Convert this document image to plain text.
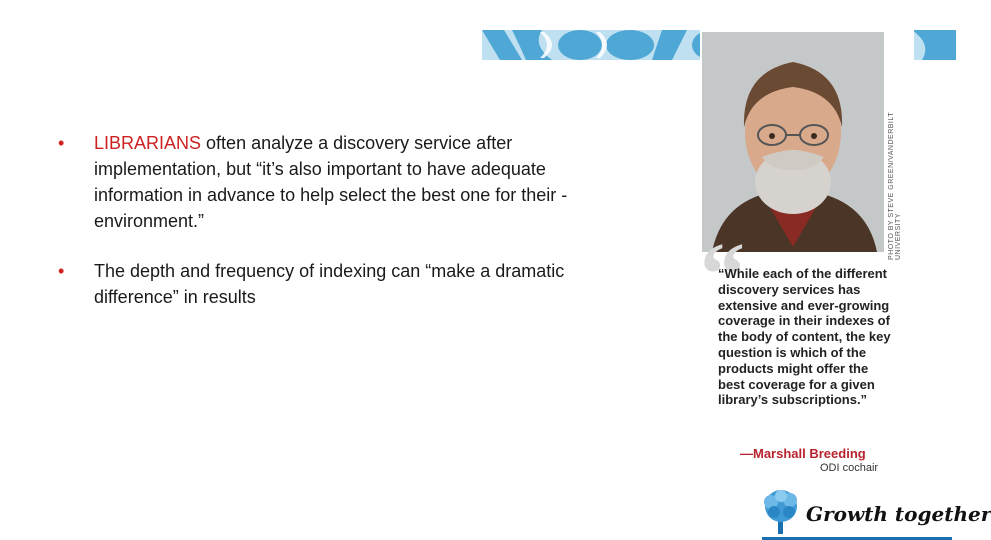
• LIBRARIANS often analyze a discovery service after implementation, but “it’s also important to have adequate information in advance to help select the best one for their -environment.”
• The depth and frequency of indexing can “make a dramatic difference” in results
PHOTO BY STEVE GREEN/VANDERBILT UNIVERSITY
“
“While each of the different discovery services has extensive and ever-growing coverage in their indexes of the body of content, the key question is which of the products might offer the best coverage for a given library’s subscriptions.”
—Marshall Breeding
ODI cochair
Growth together
